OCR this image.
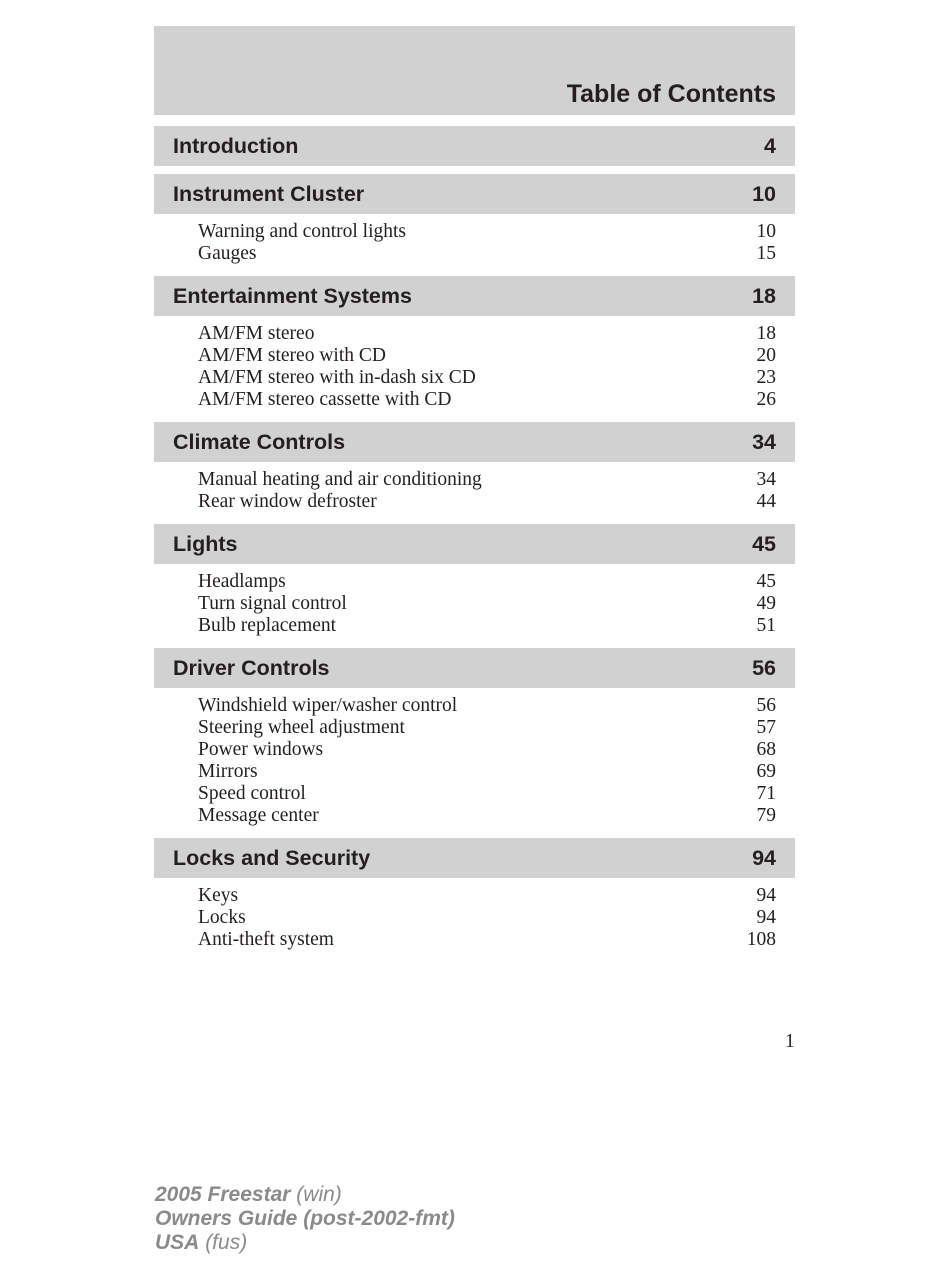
Table of Contents
Introduction	4
Instrument Cluster	10
Warning and control lights	10
Gauges	15
Entertainment Systems	18
AM/FM stereo	18
AM/FM stereo with CD	20
AM/FM stereo with in-dash six CD	23
AM/FM stereo cassette with CD	26
Climate Controls	34
Manual heating and air conditioning	34
Rear window defroster	44
Lights	45
Headlamps	45
Turn signal control	49
Bulb replacement	51
Driver Controls	56
Windshield wiper/washer control	56
Steering wheel adjustment	57
Power windows	68
Mirrors	69
Speed control	71
Message center	79
Locks and Security	94
Keys	94
Locks	94
Anti-theft system	108
1
2005 Freestar (win)
Owners Guide (post-2002-fmt)
USA (fus)
